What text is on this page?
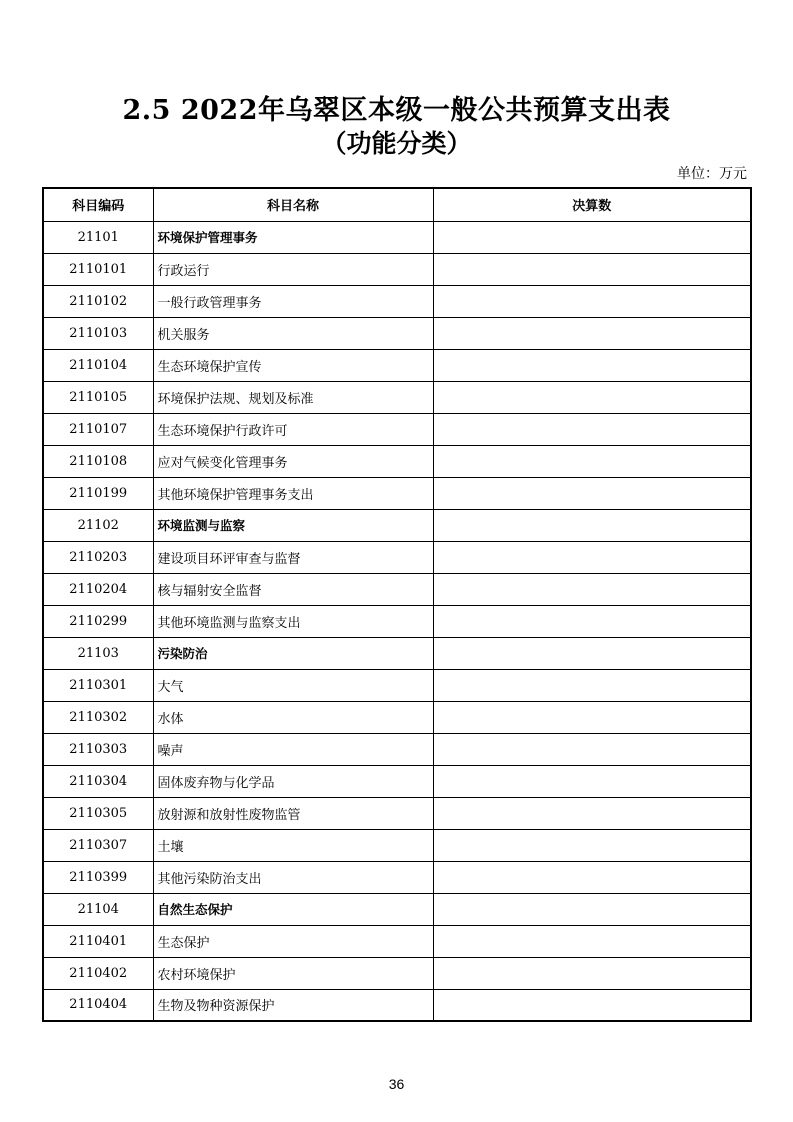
2.5 2022年乌翠区本级一般公共预算支出表
（功能分类）
单位：万元
科目编码	科目名称	决算数
21101	环境保护管理事务	
2110101	行政运行	
2110102	一般行政管理事务	
2110103	机关服务	
2110104	生态环境保护宣传	
2110105	环境保护法规、规划及标准	
2110107	生态环境保护行政许可	
2110108	应对气候变化管理事务	
2110199	其他环境保护管理事务支出	
21102	环境监测与监察	
2110203	建设项目环评审查与监督	
2110204	核与辐射安全监督	
2110299	其他环境监测与监察支出	
21103	污染防治	
2110301	大气	
2110302	水体	
2110303	噪声	
2110304	固体废弃物与化学品	
2110305	放射源和放射性废物监管	
2110307	土壤	
2110399	其他污染防治支出	
21104	自然生态保护	
2110401	生态保护	
2110402	农村环境保护	
2110404	生物及物种资源保护	
36
